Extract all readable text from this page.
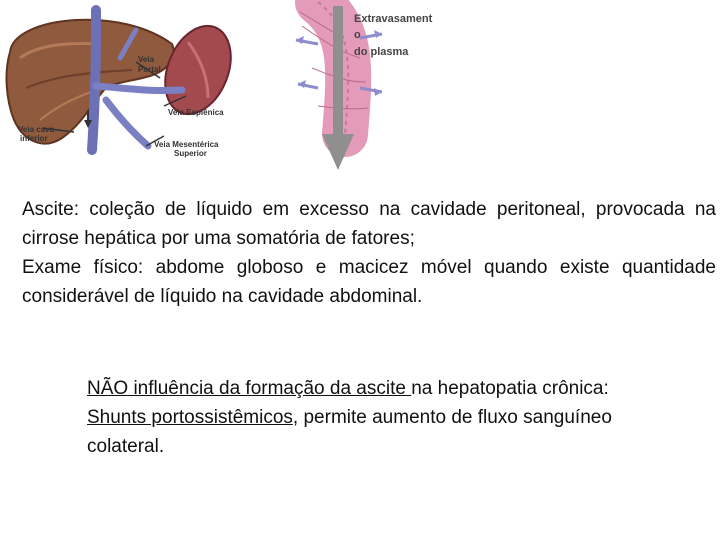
Veia
Portal
Veia Esplênica
Veia cava
inferior
Veia Mesentérica
Superior
Extravasament
o
do plasma

Ascite: coleção de líquido em excesso na cavidade peritoneal, provocada na cirrose hepática por uma somatória de fatores;

Exame físico: abdome globoso e macicez móvel quando existe quantidade considerável de líquido na cavidade abdominal.

NÃO influência da formação da ascite na hepatopatia crônica: Shunts portossistêmicos, permite aumento de fluxo sanguíneo colateral.
